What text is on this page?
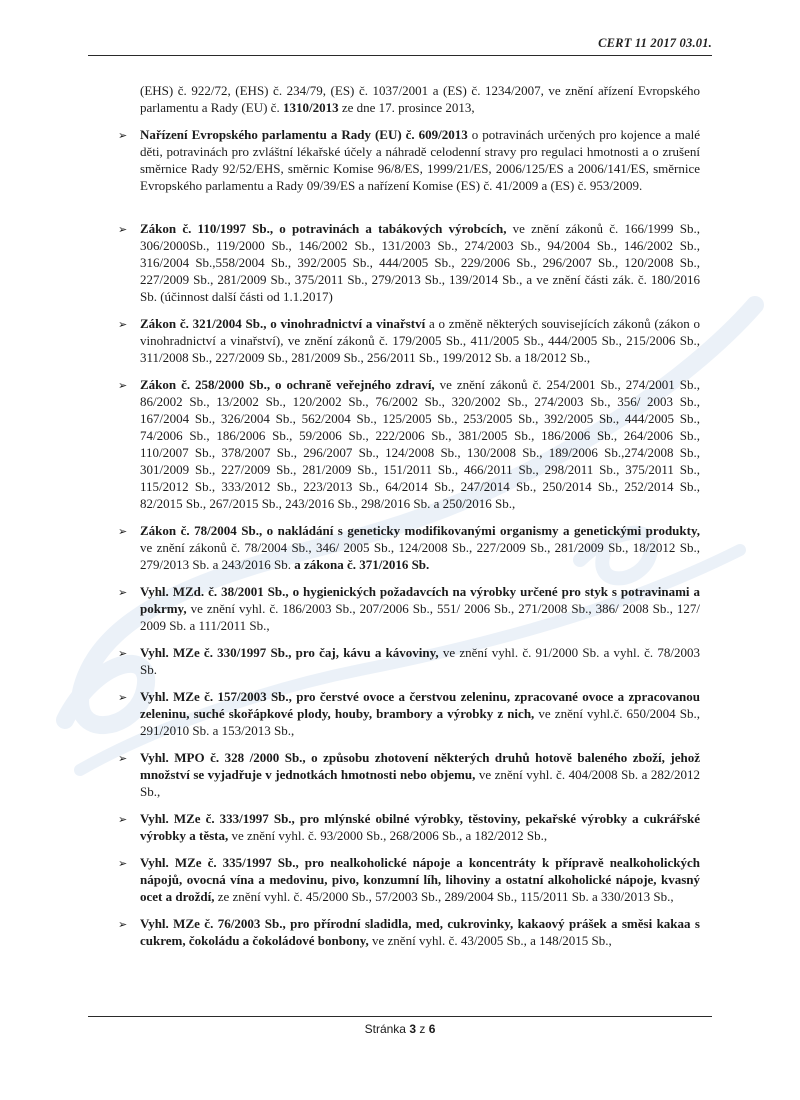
CERT 11 2017 03.01.
(EHS) č. 922/72, (EHS) č. 234/79, (ES) č. 1037/2001 a (ES) č. 1234/2007, ve znění ařízení Evropského parlamentu a Rady (EU) č. 1310/2013 ze dne 17. prosince 2013,
➢ Nařízení Evropského parlamentu a Rady (EU) č. 609/2013 o potravinách určených pro kojence a malé děti, potravinách pro zvláštní lékařské účely a náhradě celodenní stravy pro regulaci hmotnosti a o zrušení směrnice Rady 92/52/EHS, směrnic Komise 96/8/ES, 1999/21/ES, 2006/125/ES a 2006/141/ES, směrnice Evropského parlamentu a Rady 09/39/ES a nařízení Komise (ES) č. 41/2009 a (ES) č. 953/2009.
➢ Zákon č. 110/1997 Sb., o potravinách a tabákových výrobcích, ve znění zákonů č. 166/1999 Sb., 306/2000Sb., 119/2000 Sb., 146/2002 Sb., 131/2003 Sb., 274/2003 Sb., 94/2004 Sb., 146/2002 Sb., 316/2004 Sb.,558/2004 Sb., 392/2005 Sb., 444/2005 Sb., 229/2006 Sb., 296/2007 Sb., 120/2008 Sb., 227/2009 Sb., 281/2009 Sb., 375/2011 Sb., 279/2013 Sb., 139/2014 Sb., a ve znění části zák. č. 180/2016 Sb. (účinnost další části od 1.1.2017)
➢ Zákon č. 321/2004 Sb., o vinohradnictví a vinařství a o změně některých souvisejících zákonů (zákon o vinohradnictví a vinařství), ve znění zákonů č. 179/2005 Sb., 411/2005 Sb., 444/2005 Sb., 215/2006 Sb., 311/2008 Sb., 227/2009 Sb., 281/2009 Sb., 256/2011 Sb., 199/2012 Sb. a 18/2012 Sb.,
➢ Zákon č. 258/2000 Sb., o ochraně veřejného zdraví, ve znění zákonů č. 254/2001 Sb., 274/2001 Sb., 86/2002 Sb., 13/2002 Sb., 120/2002 Sb., 76/2002 Sb., 320/2002 Sb., 274/2003 Sb., 356/ 2003 Sb., 167/2004 Sb., 326/2004 Sb., 562/2004 Sb., 125/2005 Sb., 253/2005 Sb., 392/2005 Sb., 444/2005 Sb., 74/2006 Sb., 186/2006 Sb., 59/2006 Sb., 222/2006 Sb., 381/2005 Sb., 186/2006 Sb., 264/2006 Sb., 110/2007 Sb., 378/2007 Sb., 296/2007 Sb., 124/2008 Sb., 130/2008 Sb., 189/2006 Sb.,274/2008 Sb., 301/2009 Sb., 227/2009 Sb., 281/2009 Sb., 151/2011 Sb., 466/2011 Sb., 298/2011 Sb., 375/2011 Sb., 115/2012 Sb., 333/2012 Sb., 223/2013 Sb., 64/2014 Sb., 247/2014 Sb., 250/2014 Sb., 252/2014 Sb., 82/2015 Sb., 267/2015 Sb., 243/2016 Sb., 298/2016 Sb. a 250/2016 Sb.,
➢ Zákon č. 78/2004 Sb., o nakládání s geneticky modifikovanými organismy a genetickými produkty, ve znění zákonů č. 78/2004 Sb., 346/ 2005 Sb., 124/2008 Sb., 227/2009 Sb., 281/2009 Sb., 18/2012 Sb., 279/2013 Sb. a 243/2016 Sb. a zákona č. 371/2016 Sb.
➢ Vyhl. MZd. č. 38/2001 Sb., o hygienických požadavcích na výrobky určené pro styk s potravinami a pokrmy, ve znění vyhl. č. 186/2003 Sb., 207/2006 Sb., 551/ 2006 Sb., 271/2008 Sb., 386/ 2008 Sb., 127/ 2009 Sb. a 111/2011 Sb.,
➢ Vyhl. MZe č. 330/1997 Sb., pro čaj, kávu a kávoviny, ve znění vyhl. č. 91/2000 Sb. a vyhl. č. 78/2003 Sb.
➢ Vyhl. MZe č. 157/2003 Sb., pro čerstvé ovoce a čerstvou zeleninu, zpracované ovoce a zpracovanou zeleninu, suché skořápkové plody, houby, brambory a výrobky z nich, ve znění vyhl.č. 650/2004 Sb., 291/2010 Sb. a 153/2013 Sb.,
➢ Vyhl. MPO č. 328 /2000 Sb., o způsobu zhotovení některých druhů hotově baleného zboží, jehož množství se vyjadřuje v jednotkách hmotnosti nebo objemu, ve znění vyhl. č. 404/2008 Sb. a 282/2012 Sb.,
➢ Vyhl. MZe č. 333/1997 Sb., pro mlýnské obilné výrobky, těstoviny, pekařské výrobky a cukrářské výrobky a těsta, ve znění vyhl. č. 93/2000 Sb., 268/2006 Sb., a 182/2012 Sb.,
➢ Vyhl. MZe č. 335/1997 Sb., pro nealkoholické nápoje a koncentráty k přípravě nealkoholických nápojů, ovocná vína a medovinu, pivo, konzumní líh, lihoviny a ostatní alkoholické nápoje, kvasný ocet a droždí, ze znění vyhl. č. 45/2000 Sb., 57/2003 Sb., 289/2004 Sb., 115/2011 Sb. a 330/2013 Sb.,
➢ Vyhl. MZe č. 76/2003 Sb., pro přírodní sladidla, med, cukrovinky, kakaový prášek a směsi kakaa s cukrem, čokoládu a čokoládové bonbony, ve znění vyhl. č. 43/2005 Sb., a 148/2015 Sb.,
Stránka 3 z 6
